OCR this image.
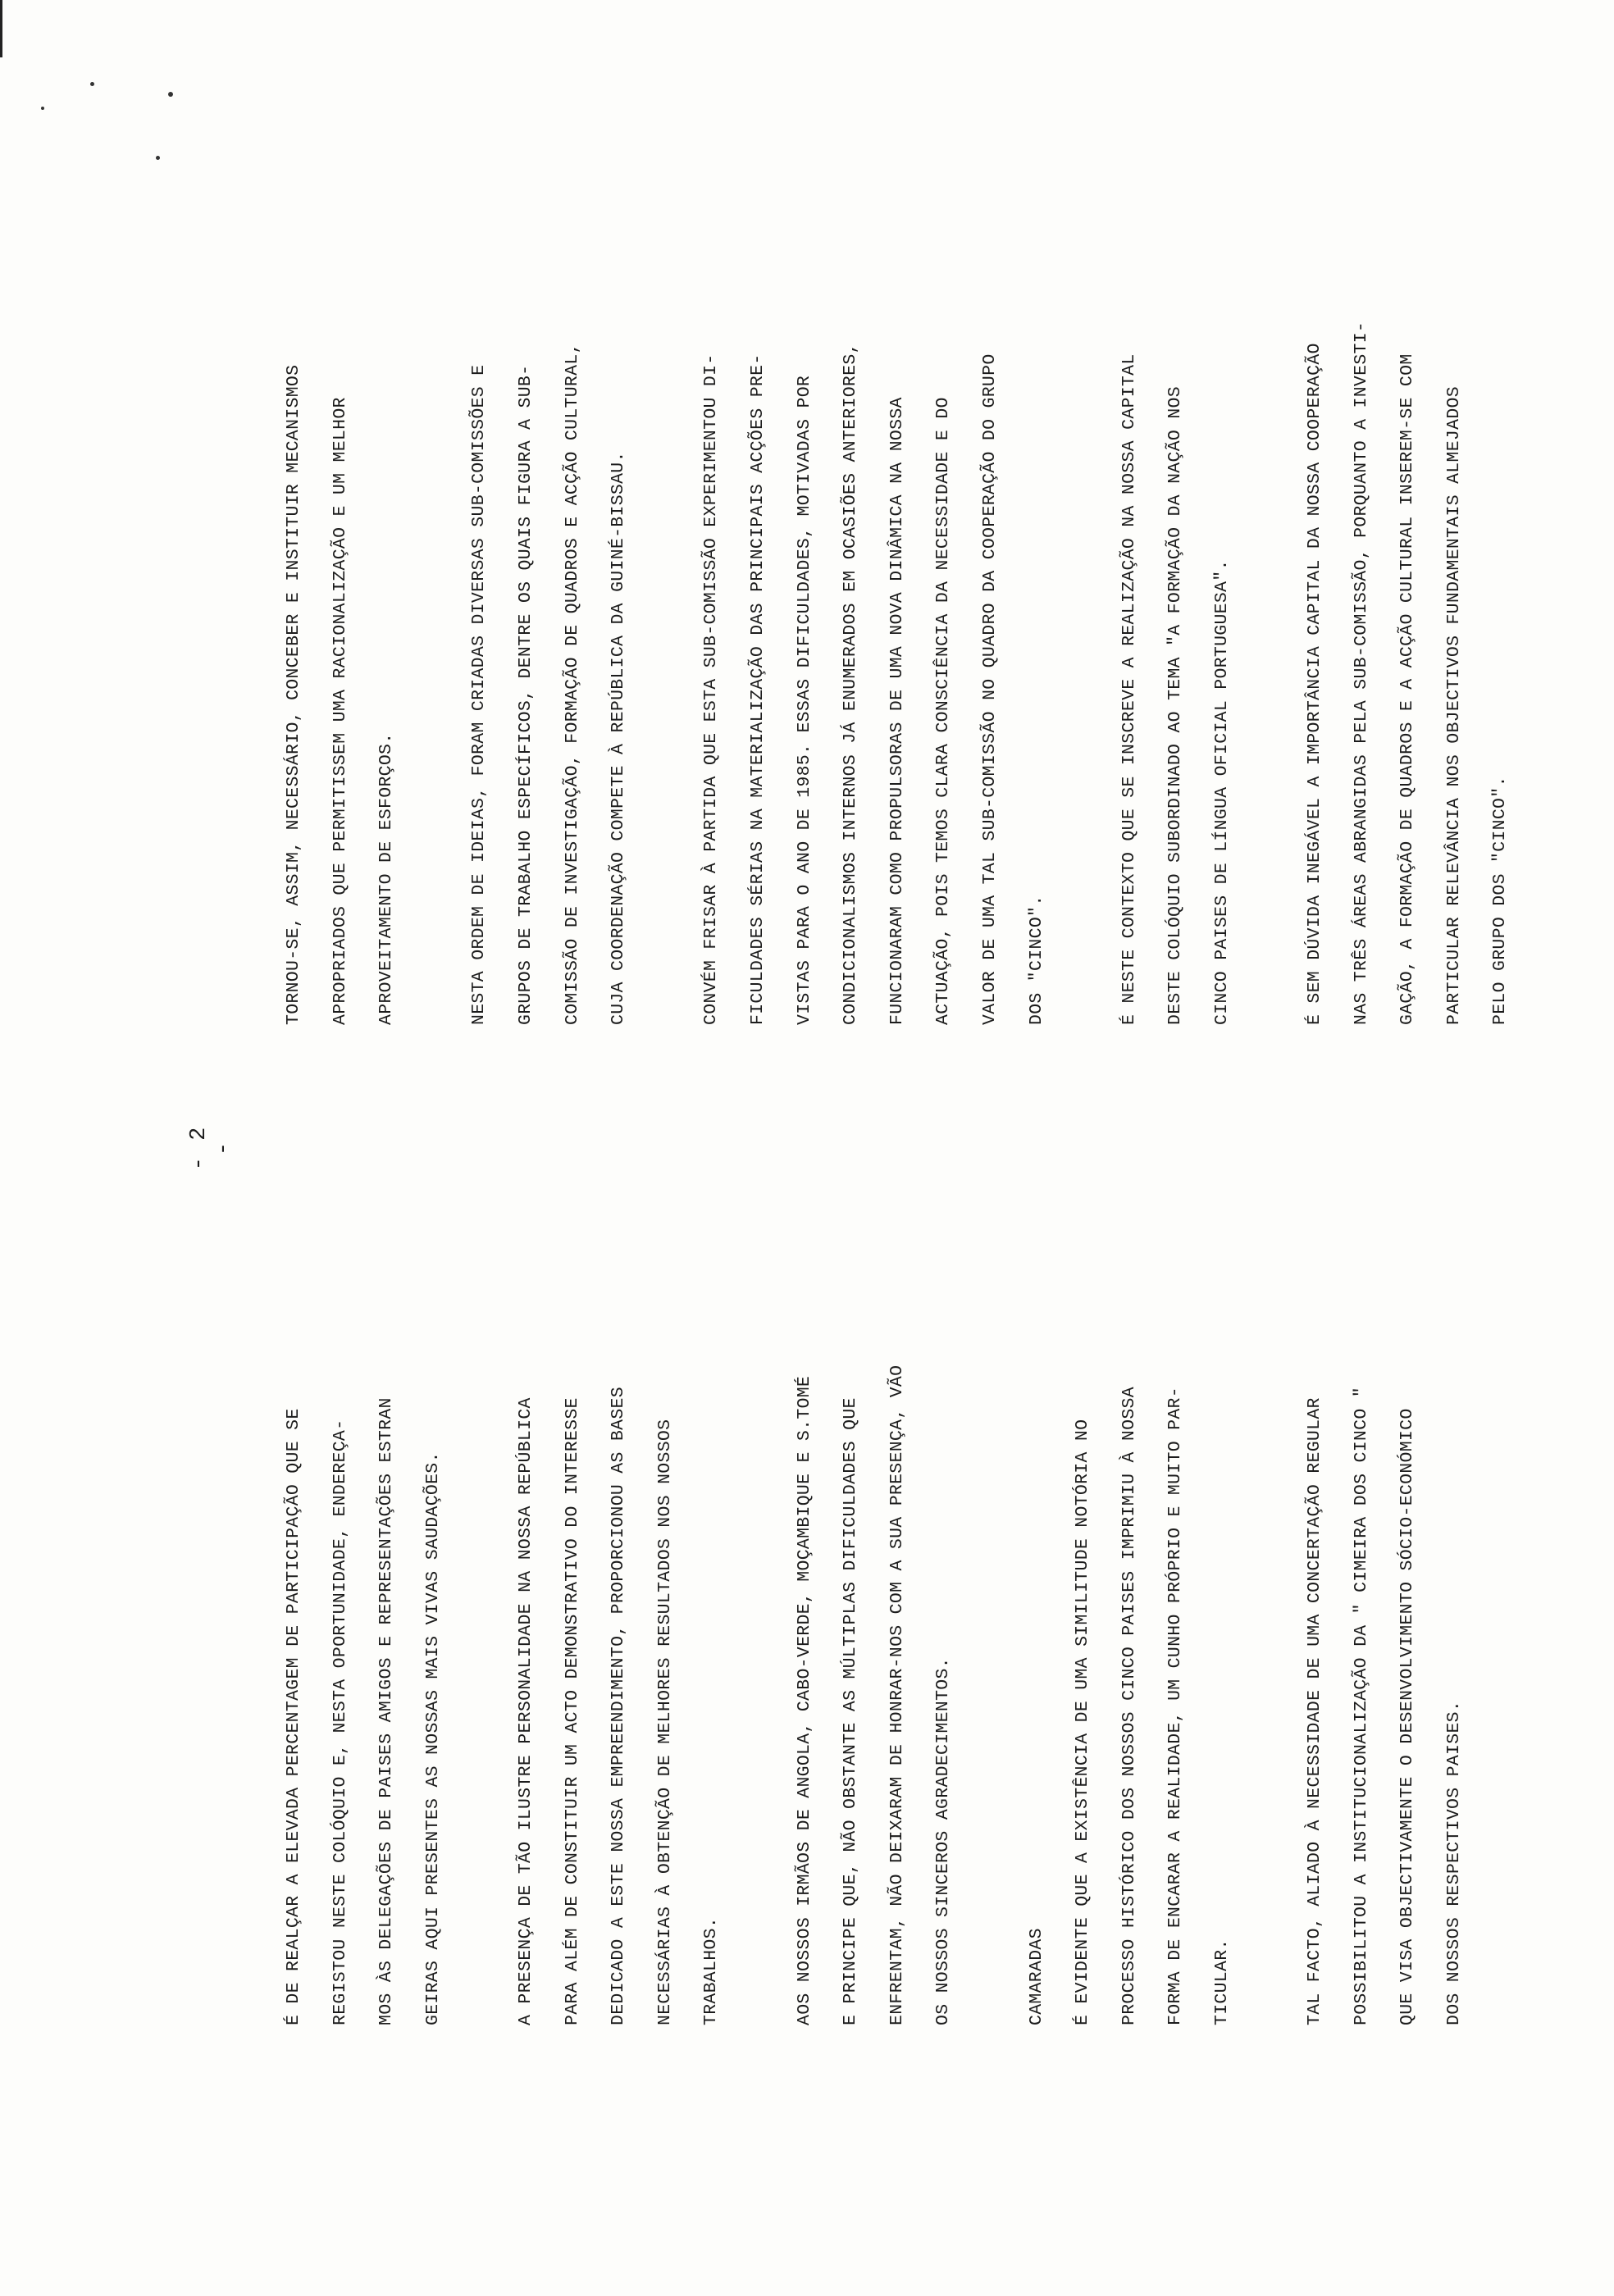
- 2 -
É DE REALÇAR A ELEVADA PERCENTAGEM DE PARTICIPAÇÃO QUE SE	REGISTOU NESTE COLÓQUIO E, NESTA OPORTUNIDADE, ENDEREÇA-	MOS ÀS DELEGAÇÕES DE PAISES AMIGOS E REPRESENTAÇÕES ESTRAN	GEIRAS AQUI PRESENTES AS NOSSAS MAIS VIVAS SAUDAÇÕES.	A PRESENÇA DE TÃO ILUSTRE PERSONALIDADE NA NOSSA REPÚBLICA	PARA ALÉM DE CONSTITUIR UM ACTO DEMONSTRATIVO DO INTERESSE	DEDICADO A ESTE NOSSA EMPREENDIMENTO, PROPORCIONOU AS BASES	NECESSÁRIAS À OBTENÇÃO DE MELHORES RESULTADOS NOS NOSSOS	TRABALHOS.	AOS NOSSOS IRMÃOS DE ANGOLA, CABO-VERDE, MOÇAMBIQUE E S.TOMÉ	E PRINCIPE QUE, NÃO OBSTANTE AS MÚLTIPLAS DIFICULDADES QUE	ENFRENTAM, NÃO DEIXARAM DE HONRAR-NOS COM A SUA PRESENÇA, VÃO	OS NOSSOS SINCEROS AGRADECIMENTOS.	CAMARADAS	É EVIDENTE QUE A EXISTÊNCIA DE UMA SIMILITUDE NOTÓRIA NO	PROCESSO HISTÓRICO DOS NOSSOS CINCO PAISES IMPRIMIU À NOSSA	FORMA DE ENCARAR A REALIDADE, UM CUNHO PRÓPRIO E MUITO PAR-	TICULAR.	TAL FACTO, ALIADO À NECESSIDADE DE UMA CONCERTAÇÃO REGULAR	POSSIBILITOU A INSTITUCIONALIZAÇÃO DA " CIMEIRA DOS CINCO "	QUE VISA OBJECTIVAMENTE O DESENVOLVIMENTO SÓCIO-ECONÓMICO	DOS NOSSOS RESPECTIVOS PAISES.
TORNOU-SE, ASSIM, NECESSÁRIO, CONCEBER E INSTITUIR MECANISMOS	APROPRIADOS QUE PERMITISSEM UMA RACIONALIZAÇÃO E UM MELHOR	APROVEITAMENTO DE ESFORÇOS.	NESTA ORDEM DE IDEIAS, FORAM CRIADAS DIVERSAS SUB-COMISSÕES E	GRUPOS DE TRABALHO ESPECÍFICOS, DENTRE OS QUAIS FIGURA A SUB-	COMISSÃO DE INVESTIGAÇÃO, FORMAÇÃO DE QUADROS E ACÇÃO CULTURAL,	CUJA COORDENAÇÃO COMPETE À REPÚBLICA DA GUINÉ-BISSAU.	CONVÉM FRISAR À PARTIDA QUE ESTA SUB-COMISSÃO EXPERIMENTOU DI-	FICULDADES SÉRIAS NA MATERIALIZAÇÃO DAS PRINCIPAIS ACÇÕES PRE-	VISTAS PARA O ANO DE 1985. ESSAS DIFICULDADES, MOTIVADAS POR	CONDICIONALISMOS INTERNOS JÁ ENUMERADOS EM OCASIÕES ANTERIORES,	FUNCIONARAM COMO PROPULSORAS DE UMA NOVA DINÂMICA NA NOSSA	ACTUAÇÃO, POIS TEMOS CLARA CONSCIÊNCIA DA NECESSIDADE E DO	VALOR DE UMA TAL SUB-COMISSÃO NO QUADRO DA COOPERAÇÃO DO GRUPO	DOS "CINCO".	É NESTE CONTEXTO QUE SE INSCREVE A REALIZAÇÃO NA NOSSA CAPITAL	DESTE COLÓQUIO SUBORDINADO AO TEMA "A FORMAÇÃO DA NAÇÃO NOS	CINCO PAISES DE LÍNGUA OFICIAL PORTUGUESA".	É SEM DÚVIDA INEGÁVEL A IMPORTÂNCIA CAPITAL DA NOSSA COOPERAÇÃO	NAS TRÊS ÁREAS ABRANGIDAS PELA SUB-COMISSÃO, PORQUANTO A INVESTI-	GAÇÃO, A FORMAÇÃO DE QUADROS E A ACÇÃO CULTURAL INSEREM-SE COM	PARTICULAR RELEVÂNCIA NOS OBJECTIVOS FUNDAMENTAIS ALMEJADOS	PELO GRUPO DOS "CINCO".
